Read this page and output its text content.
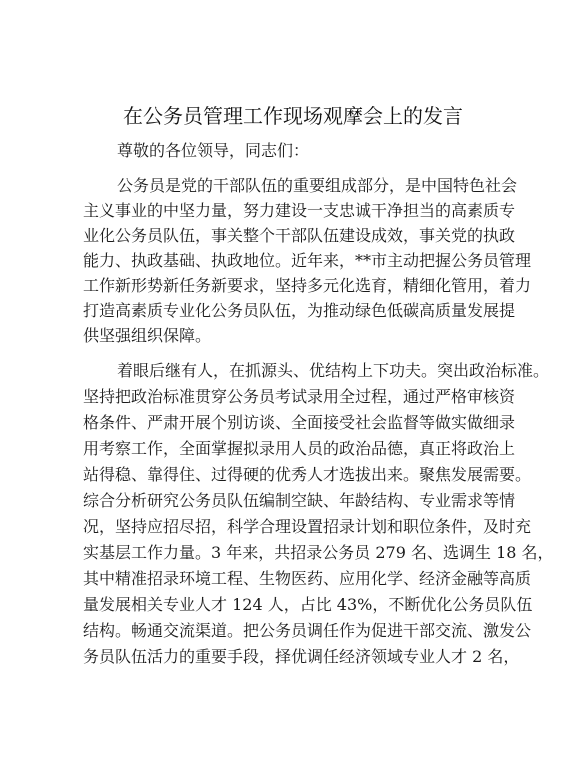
在公务员管理工作现场观摩会上的发言
尊敬的各位领导，同志们：
公务员是党的干部队伍的重要组成部分，是中国特色社会
主义事业的中坚力量，努力建设一支忠诚干净担当的高素质专
业化公务员队伍，事关整个干部队伍建设成效，事关党的执政
能力、执政基础、执政地位。近年来，**市主动把握公务员管理
工作新形势新任务新要求，坚持多元化选育，精细化管用，着力
打造高素质专业化公务员队伍，为推动绿色低碳高质量发展提
供坚强组织保障。
着眼后继有人，在抓源头、优结构上下功夫。突出政治标准。
坚持把政治标准贯穿公务员考试录用全过程，通过严格审核资
格条件、严肃开展个别访谈、全面接受社会监督等做实做细录
用考察工作，全面掌握拟录用人员的政治品德，真正将政治上
站得稳、靠得住、过得硬的优秀人才选拔出来。聚焦发展需要。
综合分析研究公务员队伍编制空缺、年龄结构、专业需求等情
况，坚持应招尽招，科学合理设置招录计划和职位条件，及时充
实基层工作力量。3 年来，共招录公务员 279 名、选调生 18 名，
其中精准招录环境工程、生物医药、应用化学、经济金融等高质
量发展相关专业人才 124 人，占比 43%，不断优化公务员队伍
结构。畅通交流渠道。把公务员调任作为促进干部交流、激发公
务员队伍活力的重要手段，择优调任经济领域专业人才 2 名，
